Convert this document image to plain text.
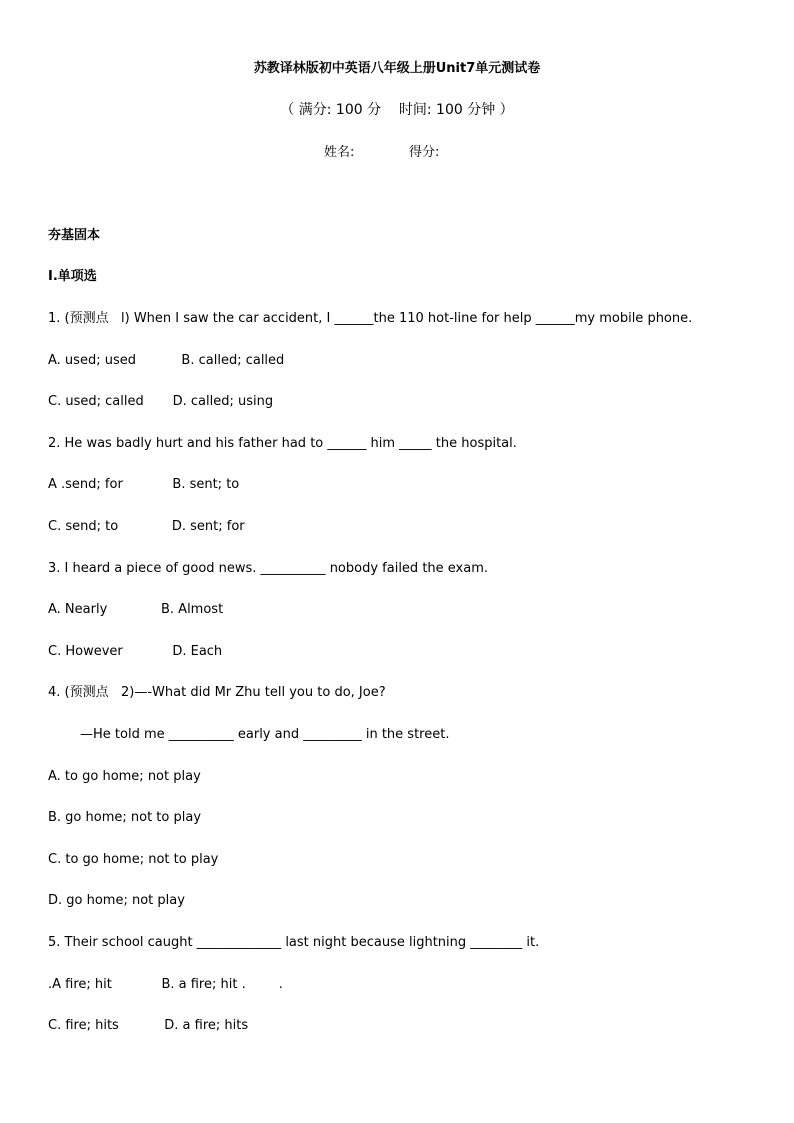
苏教译林版初中英语八年级上册Unit7单元测试卷
（ 满分: 100 分    时间: 100 分钟 ）
姓名:	得分:
夯基固本
I.单项选
1. (预测点   l) When I saw the car accident, I ______the 110 hot-line for help ______my mobile phone.
A. used; used           B. called; called
C. used; called       D. called; using
2. He was badly hurt and his father had to ______ him _____ the hospital.
A .send; for            B. sent; to
C. send; to             D. sent; for
3. I heard a piece of good news. __________ nobody failed the exam.
A. Nearly             B. Almost
C. However            D. Each
4. (预测点   2)—-What did Mr Zhu tell you to do, Joe?
—He told me __________ early and _________ in the street.
A. to go home; not play
B. go home; not to play
C. to go home; not to play
D. go home; not play
5. Their school caught _____________ last night because lightning ________ it.
.A fire; hit            B. a fire; hit .        .
C. fire; hits           D. a fire; hits
